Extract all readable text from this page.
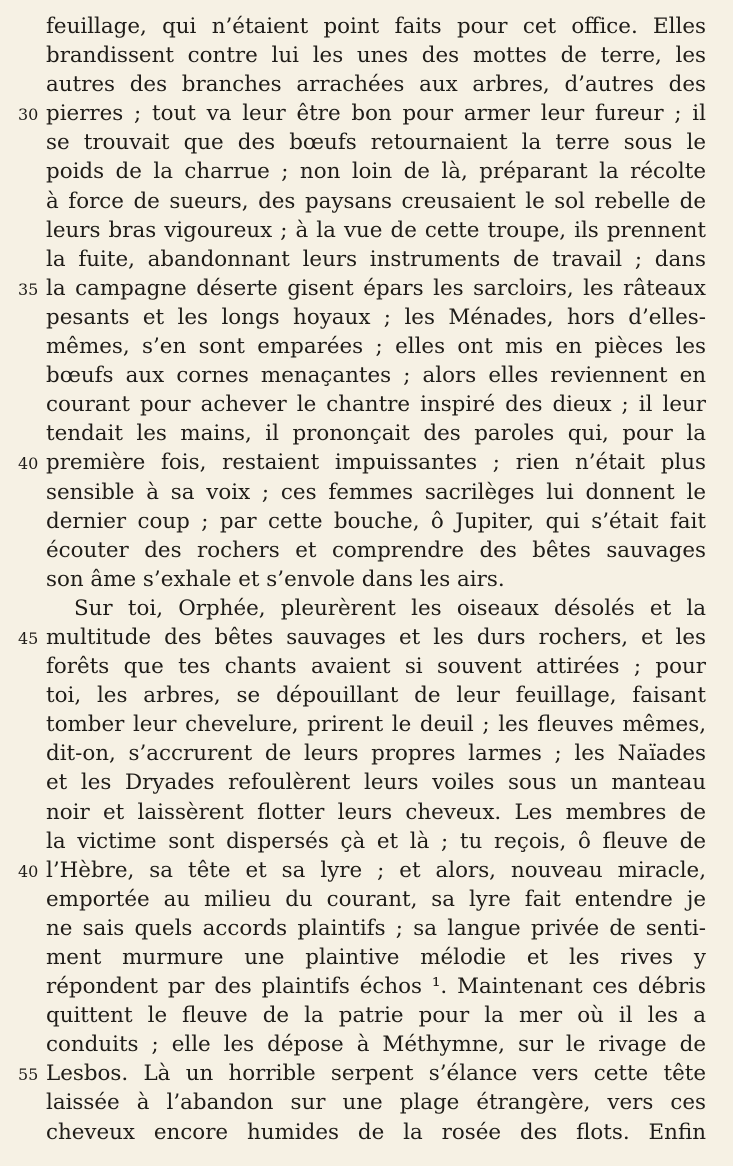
feuillage, qui n’étaient point faits pour cet office. Elles
brandissent contre lui les unes des mottes de terre, les
autres des branches arrachées aux arbres, d’autres des
30 pierres ; tout va leur être bon pour armer leur fureur ; il
se trouvait que des bœufs retournaient la terre sous le
poids de la charrue ; non loin de là, préparant la récolte
à force de sueurs, des paysans creusaient le sol rebelle de
leurs bras vigoureux ; à la vue de cette troupe, ils prennent
la fuite, abandonnant leurs instruments de travail ; dans
35 la campagne déserte gisent épars les sarcloirs, les râteaux
pesants et les longs hoyaux ; les Ménades, hors d’elles-
mêmes, s’en sont emparées ; elles ont mis en pièces les
bœufs aux cornes menaçantes ; alors elles reviennent en
courant pour achever le chantre inspiré des dieux ; il leur
tendait les mains, il prononçait des paroles qui, pour la
40 première fois, restaient impuissantes ; rien n’était plus
sensible à sa voix ; ces femmes sacrilèges lui donnent le
dernier coup ; par cette bouche, ô Jupiter, qui s’était fait
écouter des rochers et comprendre des bêtes sauvages
son âme s’exhale et s’envole dans les airs.
Sur toi, Orphée, pleurèrent les oiseaux désolés et la
45 multitude des bêtes sauvages et les durs rochers, et les
forêts que tes chants avaient si souvent attirées ; pour
toi, les arbres, se dépouillant de leur feuillage, faisant
tomber leur chevelure, prirent le deuil ; les fleuves mêmes,
dit-on, s’accrurent de leurs propres larmes ; les Naïades
et les Dryades refoulèrent leurs voiles sous un manteau
noir et laissèrent flotter leurs cheveux. Les membres de
la victime sont dispersés çà et là ; tu reçois, ô fleuve de
40 l’Hèbre, sa tête et sa lyre ; et alors, nouveau miracle,
emportée au milieu du courant, sa lyre fait entendre je
ne sais quels accords plaintifs ; sa langue privée de senti-
ment murmure une plaintive mélodie et les rives y
répondent par des plaintifs échos ¹. Maintenant ces débris
quittent le fleuve de la patrie pour la mer où il les a
conduits ; elle les dépose à Méthymne, sur le rivage de
55 Lesbos. Là un horrible serpent s’élance vers cette tête
laissée à l’abandon sur une plage étrangère, vers ces
cheveux encore humides de la rosée des flots. Enfin
